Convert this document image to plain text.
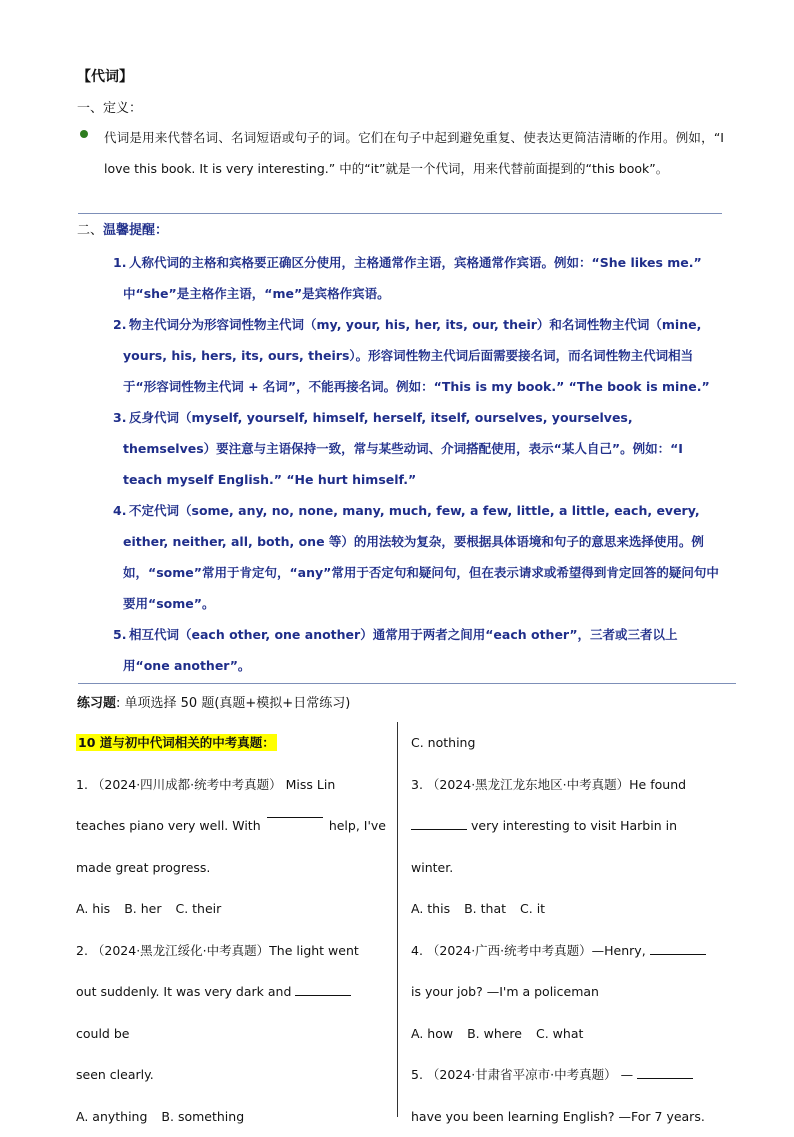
【代词】
一、定义：
代词是用来代替名词、名词短语或句子的词。它们在句子中起到避免重复、使表达更简洁清晰的作用。例如，“I love this book. It is very interesting.” 中的“it”就是一个代词，用来代替前面提到的“this book”。
二、温馨提醒：
1. 人称代词的主格和宾格要正确区分使用，主格通常作主语，宾格通常作宾语。例如：“She likes me.” 中“she”是主格作主语，“me”是宾格作宾语。
2. 物主代词分为形容词性物主代词（my, your, his, her, its, our, their）和名词性物主代词（mine, yours, his, hers, its, ours, theirs）。形容词性物主代词后面需要接名词，而名词性物主代词相当于“形容词性物主代词 + 名词”，不能再接名词。例如：“This is my book.” “The book is mine.”
3. 反身代词（myself, yourself, himself, herself, itself, ourselves, yourselves, themselves）要注意与主语保持一致，常与某些动词、介词搭配使用，表示“某人自己”。例如：“I teach myself English.” “He hurt himself.”
4. 不定代词（some, any, no, none, many, much, few, a few, little, a little, each, every, either, neither, all, both, one 等）的用法较为复杂，要根据具体语境和句子的意思来选择使用。例如，“some”常用于肯定句，“any”常用于否定句和疑问句，但在表示请求或希望得到肯定回答的疑问句中要用“some”。
5. 相互代词（each other, one another）通常用于两者之间用“each other”，三者或三者以上用“one another”。
练习题: 单项选择 50 题(真题+模拟+日常练习)
10 道与初中代词相关的中考真题：
1. （2024·四川成都·统考中考真题） Miss Lin
teaches piano very well. With	help, I've
made great progress.
A. his B. her C. their
2. （2024·黑龙江绥化·中考真题）The light went
out suddenly. It was very dark and  could be
seen clearly.
A. anything B. something
C. nothing
3. （2024·黑龙江龙东地区·中考真题）He found
very interesting to visit Harbin in winter.
A. this B. that C. it
4. （2024·广西·统考中考真题）—Henry,
is your job? —I'm a policeman
A. how B. where C. what
5. （2024·甘肃省平凉市·中考真题） —
have you been learning English? —For 7 years.
